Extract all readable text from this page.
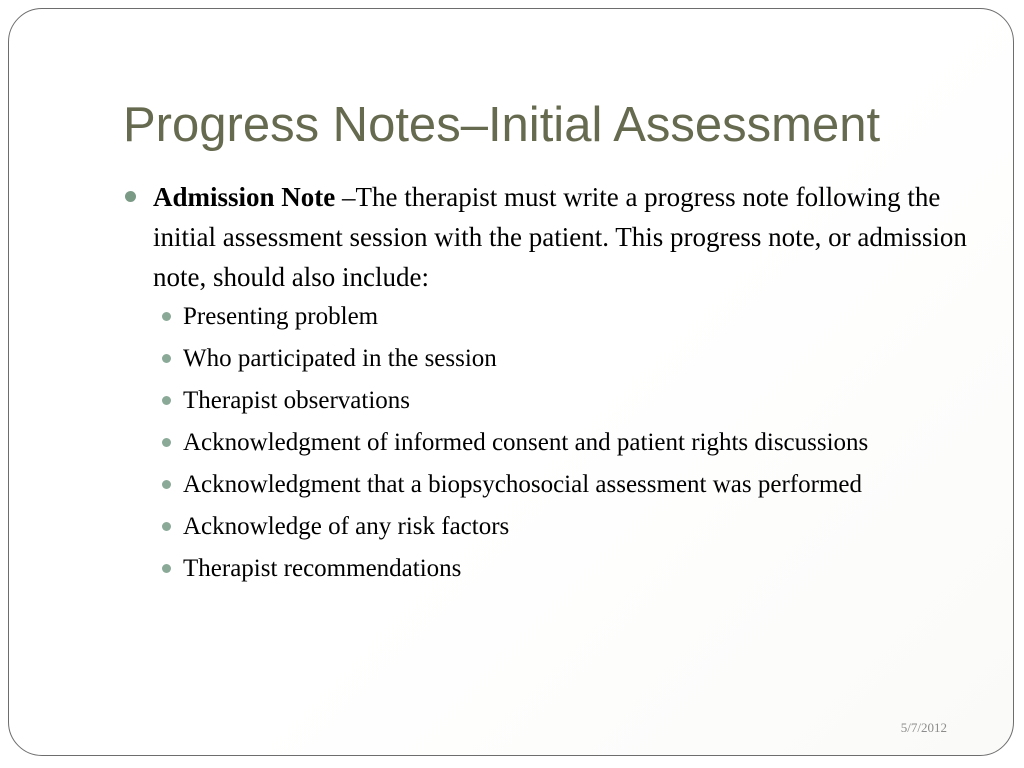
Progress Notes–Initial Assessment
Admission Note –The therapist must write a progress note following the initial assessment session with the patient. This progress note, or admission note, should also include:
Presenting problem
Who participated in the session
Therapist observations
Acknowledgment of informed consent and patient rights discussions
Acknowledgment that a biopsychosocial assessment was performed
Acknowledge of any risk factors
Therapist recommendations
5/7/2012
